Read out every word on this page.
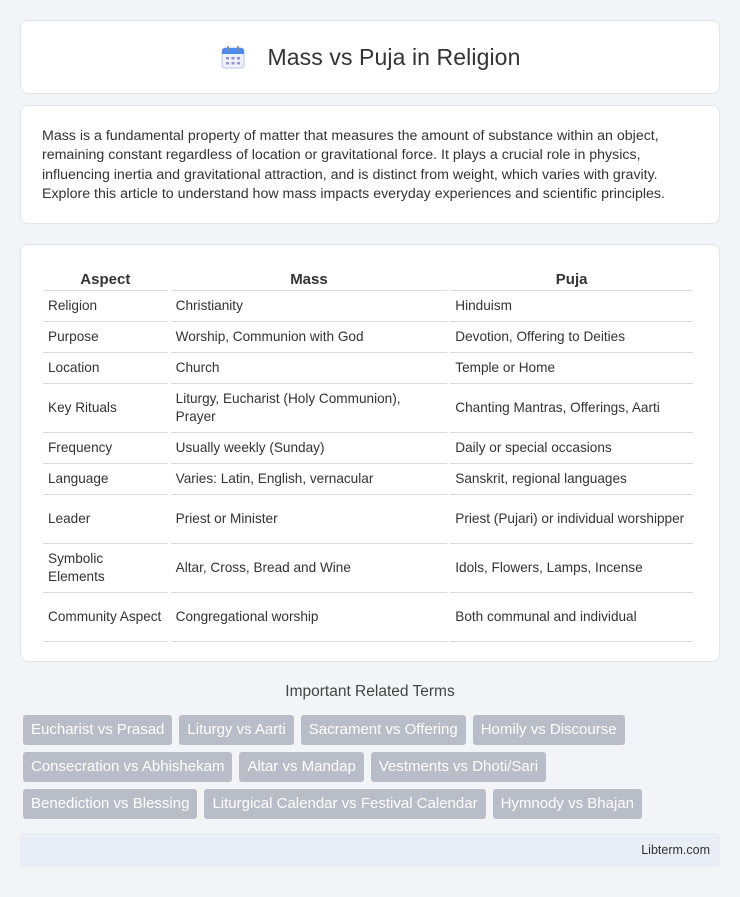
Mass vs Puja in Religion

Mass is a fundamental property of matter that measures the amount of substance within an object, remaining constant regardless of location or gravitational force. It plays a crucial role in physics, influencing inertia and gravitational attraction, and is distinct from weight, which varies with gravity. Explore this article to understand how mass impacts everyday experiences and scientific principles.

Aspect	Mass	Puja
Religion	Christianity	Hinduism
Purpose	Worship, Communion with God	Devotion, Offering to Deities
Location	Church	Temple or Home
Key Rituals	Liturgy, Eucharist (Holy Communion), Prayer	Chanting Mantras, Offerings, Aarti
Frequency	Usually weekly (Sunday)	Daily or special occasions
Language	Varies: Latin, English, vernacular	Sanskrit, regional languages
Leader	Priest or Minister	Priest (Pujari) or individual worshipper
Symbolic Elements	Altar, Cross, Bread and Wine	Idols, Flowers, Lamps, Incense
Community Aspect	Congregational worship	Both communal and individual
Important Related Terms
Eucharist vs Prasad	Liturgy vs Aarti	Sacrament vs Offering	Homily vs Discourse
Consecration vs Abhishekam	Altar vs Mandap	Vestments vs Dhoti/Sari
Benediction vs Blessing	Liturgical Calendar vs Festival Calendar	Hymnody vs Bhajan
Libterm.com
